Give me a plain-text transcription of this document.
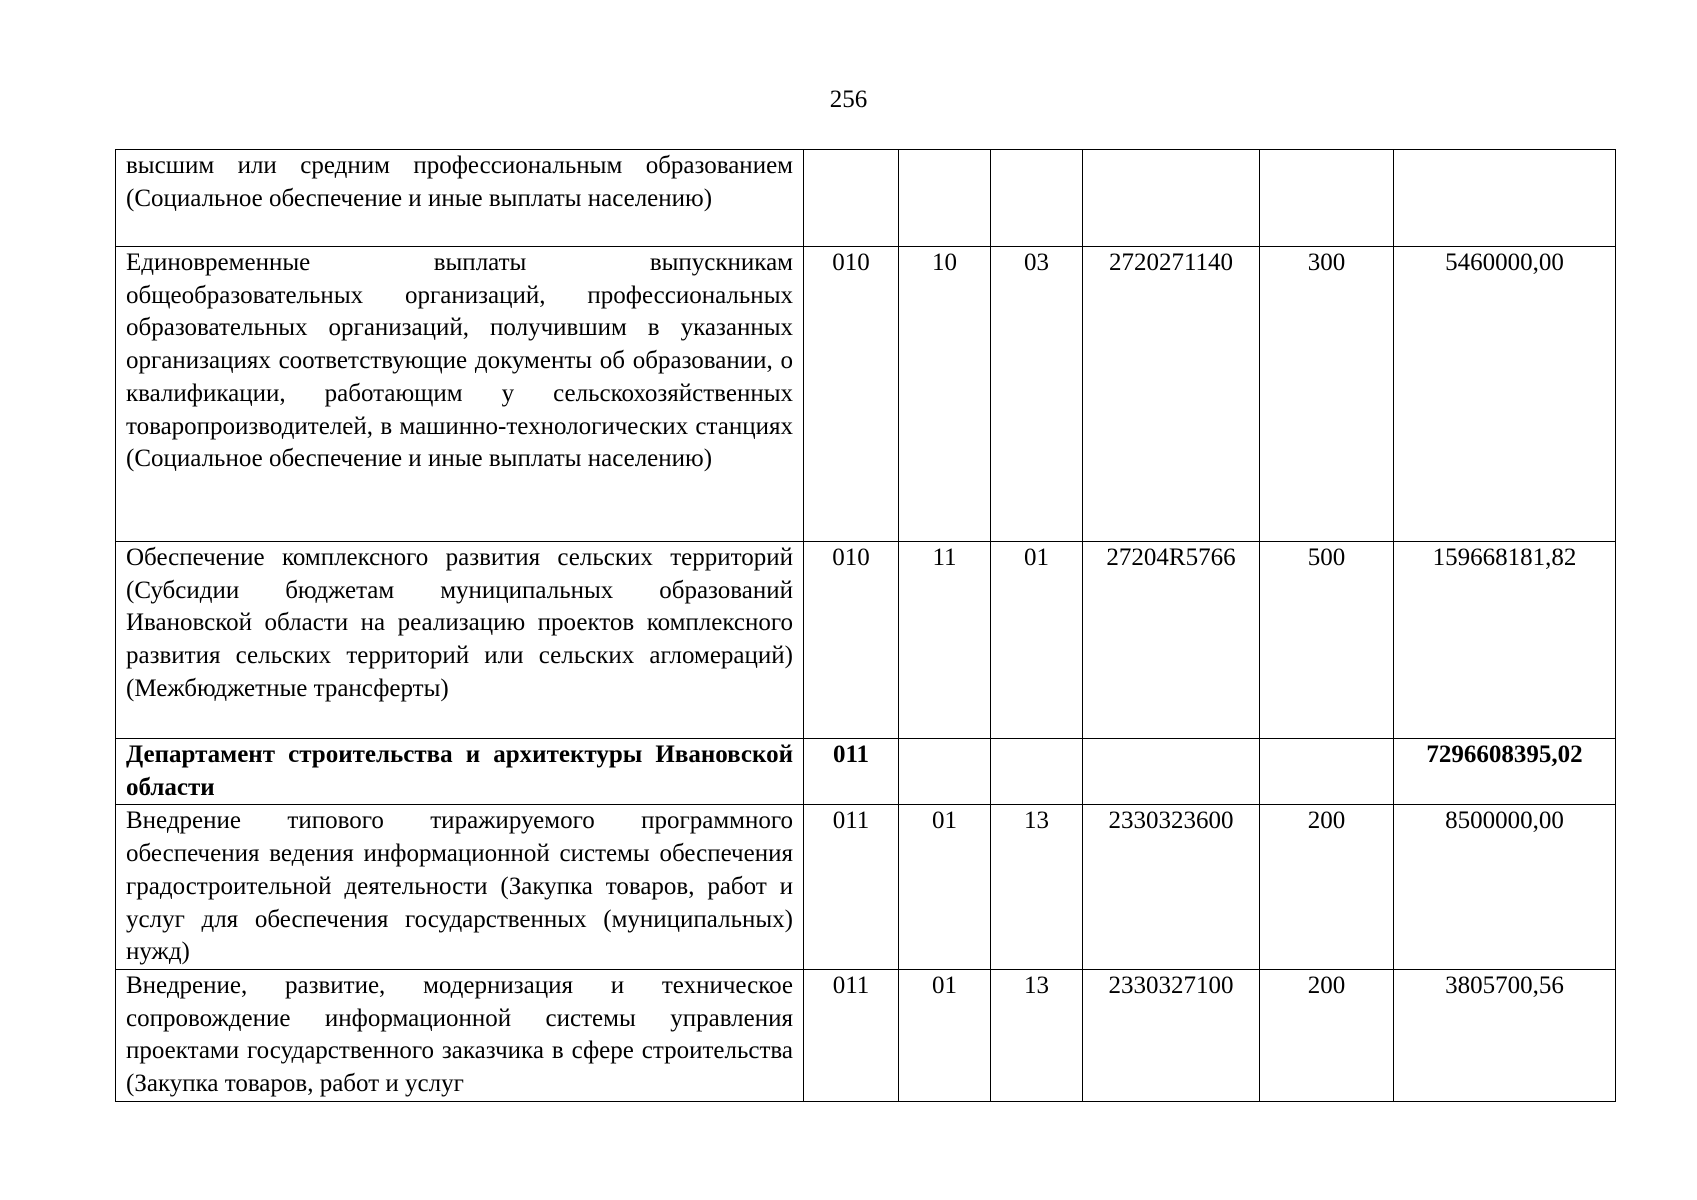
256
высшим или средним профессиональным образованием (Социальное обеспечение и иные выплаты населению)						
Единовременные выплаты выпускникам общеобразовательных организаций, профессиональных образовательных организаций, получившим в указанных организациях соответствующие документы об образовании, о квалификации, работающим у сельскохозяйственных товаропроизводителей, в машинно-технологических станциях (Социальное обеспечение и иные выплаты населению)	010	10	03	2720271140	300	5460000,00
Обеспечение комплексного развития сельских территорий (Субсидии бюджетам муниципальных образований Ивановской области на реализацию проектов комплексного развития сельских территорий или сельских агломераций) (Межбюджетные трансферты)	010	11	01	27204R5766	500	159668181,82
Департамент строительства и архитектуры Ивановской области	011					7296608395,02
Внедрение типового тиражируемого программного обеспечения ведения информационной системы обеспечения градостроительной деятельности (Закупка товаров, работ и услуг для обеспечения государственных (муниципальных) нужд)	011	01	13	2330323600	200	8500000,00
Внедрение, развитие, модернизация и техническое сопровождение информационной системы управления проектами государственного заказчика в сфере строительства (Закупка товаров, работ и услуг	011	01	13	2330327100	200	3805700,56
